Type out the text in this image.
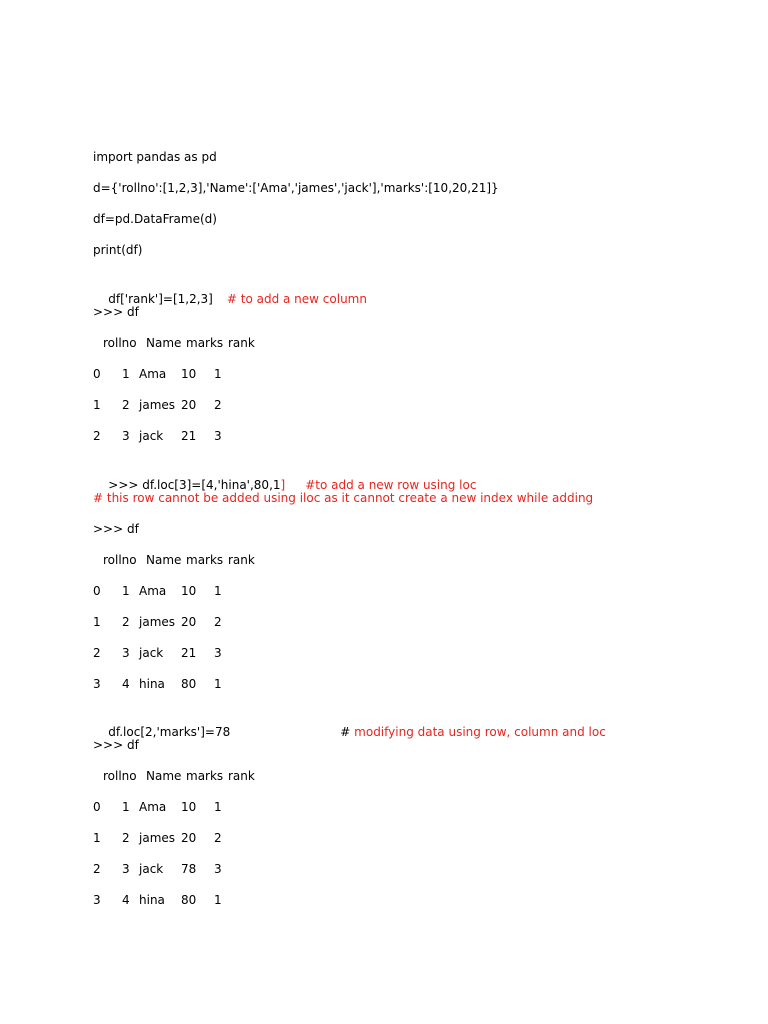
import pandas as pd
d={'rollno':[1,2,3],'Name':['Ama','james','jack'],'marks':[10,20,21]}
df=pd.DataFrame(d)
print(df)

df['rank']=[1,2,3] # to add a new column

>>> df
rollno Name marks rank
0 1 Ama 10 1
1 2 james 20 2
2 3 jack 21 3

>>> df.loc[3]=[4,'hina',80,1] #to add a new row using loc

# this row cannot be added using iloc as it cannot create a new index while adding
>>> df
rollno Name marks rank
0 1 Ama 10 1
1 2 james 20 2
2 3 jack 21 3
3 4 hina 80 1

df.loc[2,'marks']=78
	# modifying data using row, column and loc

>>> df
rollno Name marks rank
0 1 Ama 10 1
1 2 james 20 2
2 3 jack 78 3
3 4 hina 80 1
